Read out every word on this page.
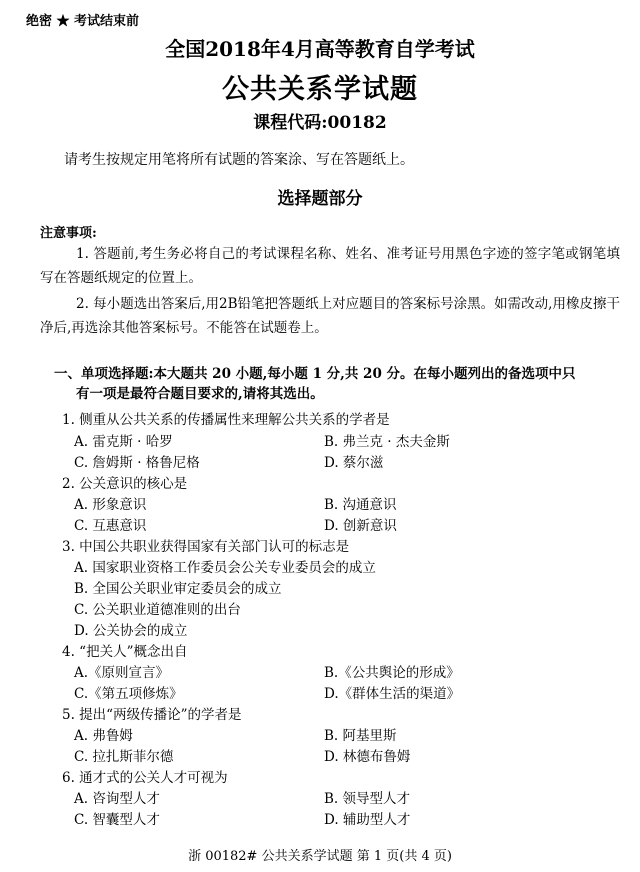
绝密 ★ 考试结束前
全国2018年4月高等教育自学考试
公共关系学试题
课程代码:00182
请考生按规定用笔将所有试题的答案涂、写在答题纸上。
选择题部分
注意事项:
1. 答题前,考生务必将自己的考试课程名称、姓名、准考证号用黑色字迹的签字笔或钢笔填写在答题纸规定的位置上。
2. 每小题选出答案后,用2B铅笔把答题纸上对应题目的答案标号涂黑。如需改动,用橡皮擦干净后,再选涂其他答案标号。不能答在试题卷上。
一、单项选择题:本大题共 20 小题,每小题 1 分,共 20 分。在每小题列出的备选项中只
有一项是最符合题目要求的,请将其选出。
1. 侧重从公共关系的传播属性来理解公共关系的学者是
A. 雷克斯 · 哈罗	B. 弗兰克 · 杰夫金斯
C. 詹姆斯 · 格鲁尼格	D. 蔡尔滋
2. 公关意识的核心是
A. 形象意识	B. 沟通意识
C. 互惠意识	D. 创新意识
3. 中国公共职业获得国家有关部门认可的标志是
A. 国家职业资格工作委员会公关专业委员会的成立
B. 全国公关职业审定委员会的成立
C. 公关职业道德准则的出台
D. 公关协会的成立
4. “把关人”概念出自
A.《原则宣言》	B.《公共舆论的形成》
C.《第五项修炼》	D.《群体生活的渠道》
5. 提出“两级传播论”的学者是
A. 弗鲁姆	B. 阿基里斯
C. 拉扎斯菲尔德	D. 林德布鲁姆
6. 通才式的公关人才可视为
A. 咨询型人才	B. 领导型人才
C. 智囊型人才	D. 辅助型人才
浙 00182# 公共关系学试题 第 1 页(共 4 页)
